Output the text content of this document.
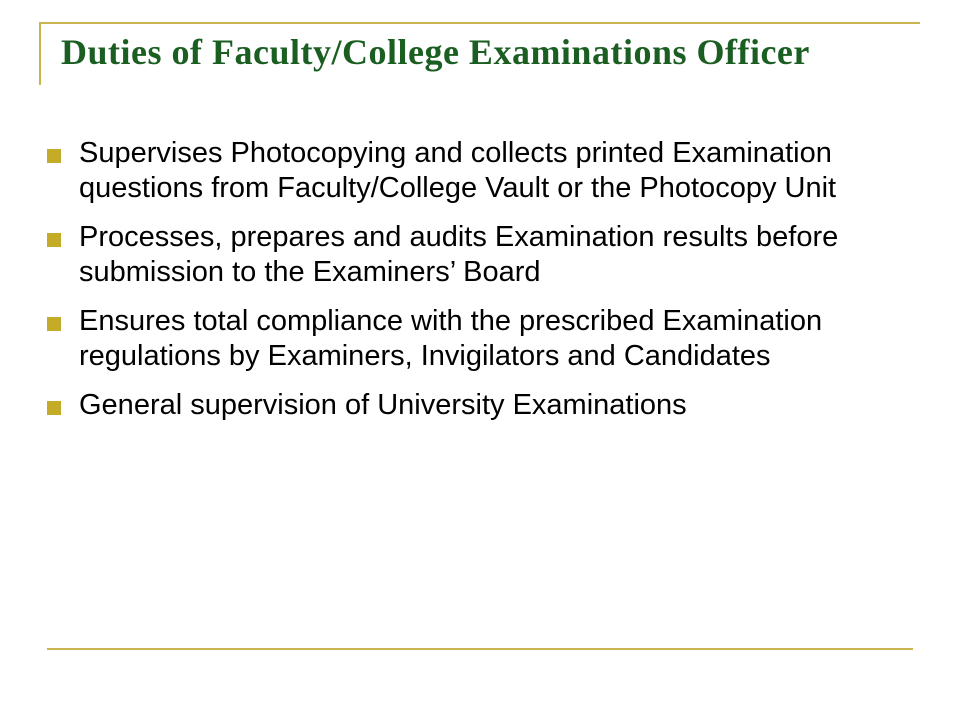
Duties of Faculty/College Examinations Officer
Supervises Photocopying and collects printed Examination questions from Faculty/College Vault or the Photocopy Unit
Processes, prepares and audits Examination results before submission to the Examiners’ Board
Ensures total compliance with the prescribed Examination regulations by Examiners, Invigilators and Candidates
General supervision of University Examinations
